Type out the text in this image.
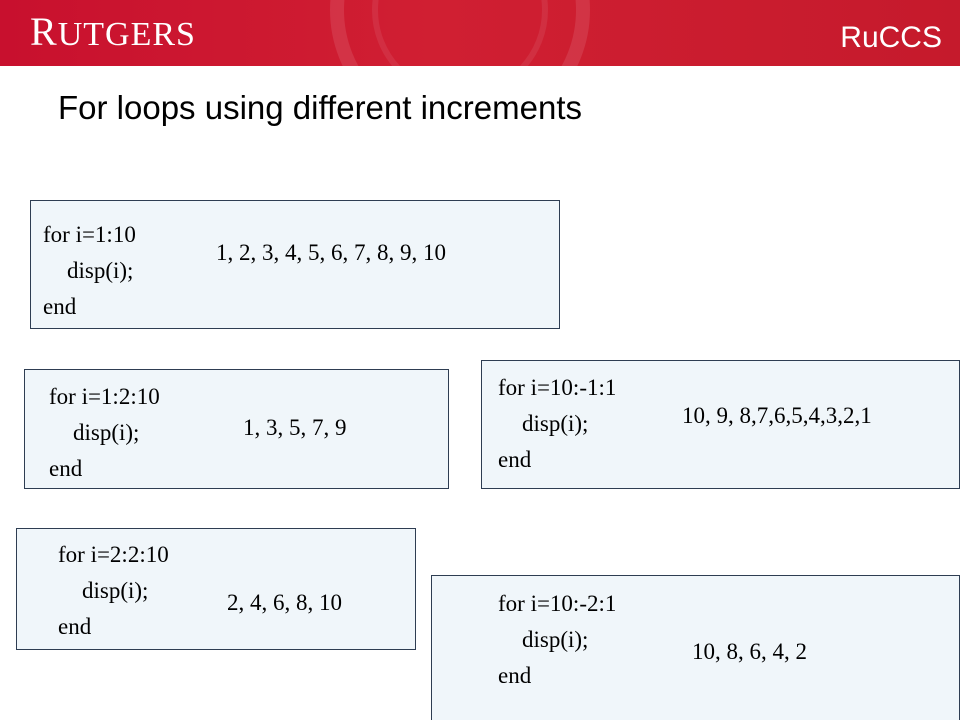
RUTGERS	RuCCS
For loops using different increments
for i=1:10
disp(i);
end
1, 2, 3, 4, 5, 6, 7, 8, 9, 10
for i=1:2:10
disp(i);
end
1, 3, 5, 7, 9
for i=10:-1:1
disp(i);
end
10, 9, 8,7,6,5,4,3,2,1
for i=2:2:10
disp(i);
end
2, 4, 6, 8, 10	for i=10:-2:1
disp(i);
end
10, 8, 6, 4, 2
